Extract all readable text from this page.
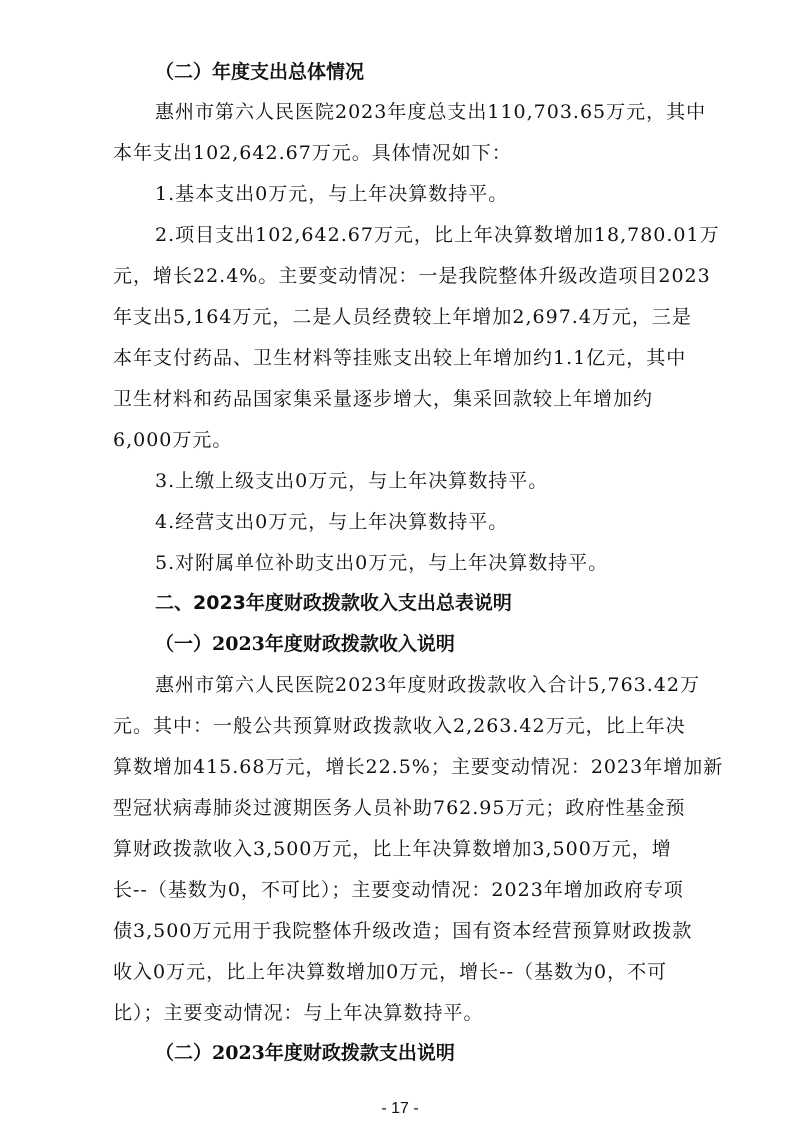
（二）年度支出总体情况
惠州市第六人民医院2023年度总支出110,703.65万元，其中
本年支出102,642.67万元。具体情况如下：
1.基本支出0万元，与上年决算数持平。
2.项目支出102,642.67万元，比上年决算数增加18,780.01万
元，增长22.4%。主要变动情况：一是我院整体升级改造项目2023
年支出5,164万元，二是人员经费较上年增加2,697.4万元，三是
本年支付药品、卫生材料等挂账支出较上年增加约1.1亿元，其中
卫生材料和药品国家集采量逐步增大，集采回款较上年增加约
6,000万元。
3.上缴上级支出0万元，与上年决算数持平。
4.经营支出0万元，与上年决算数持平。
5.对附属单位补助支出0万元，与上年决算数持平。
二、2023年度财政拨款收入支出总表说明
（一）2023年度财政拨款收入说明
惠州市第六人民医院2023年度财政拨款收入合计5,763.42万
元。其中：一般公共预算财政拨款收入2,263.42万元，比上年决
算数增加415.68万元，增长22.5%；主要变动情况：2023年增加新
型冠状病毒肺炎过渡期医务人员补助762.95万元；政府性基金预
算财政拨款收入3,500万元，比上年决算数增加3,500万元，增
长--（基数为0，不可比）；主要变动情况：2023年增加政府专项
债3,500万元用于我院整体升级改造；国有资本经营预算财政拨款
收入0万元，比上年决算数增加0万元，增长--（基数为0，不可
比）；主要变动情况：与上年决算数持平。
（二）2023年度财政拨款支出说明
- 17 -
